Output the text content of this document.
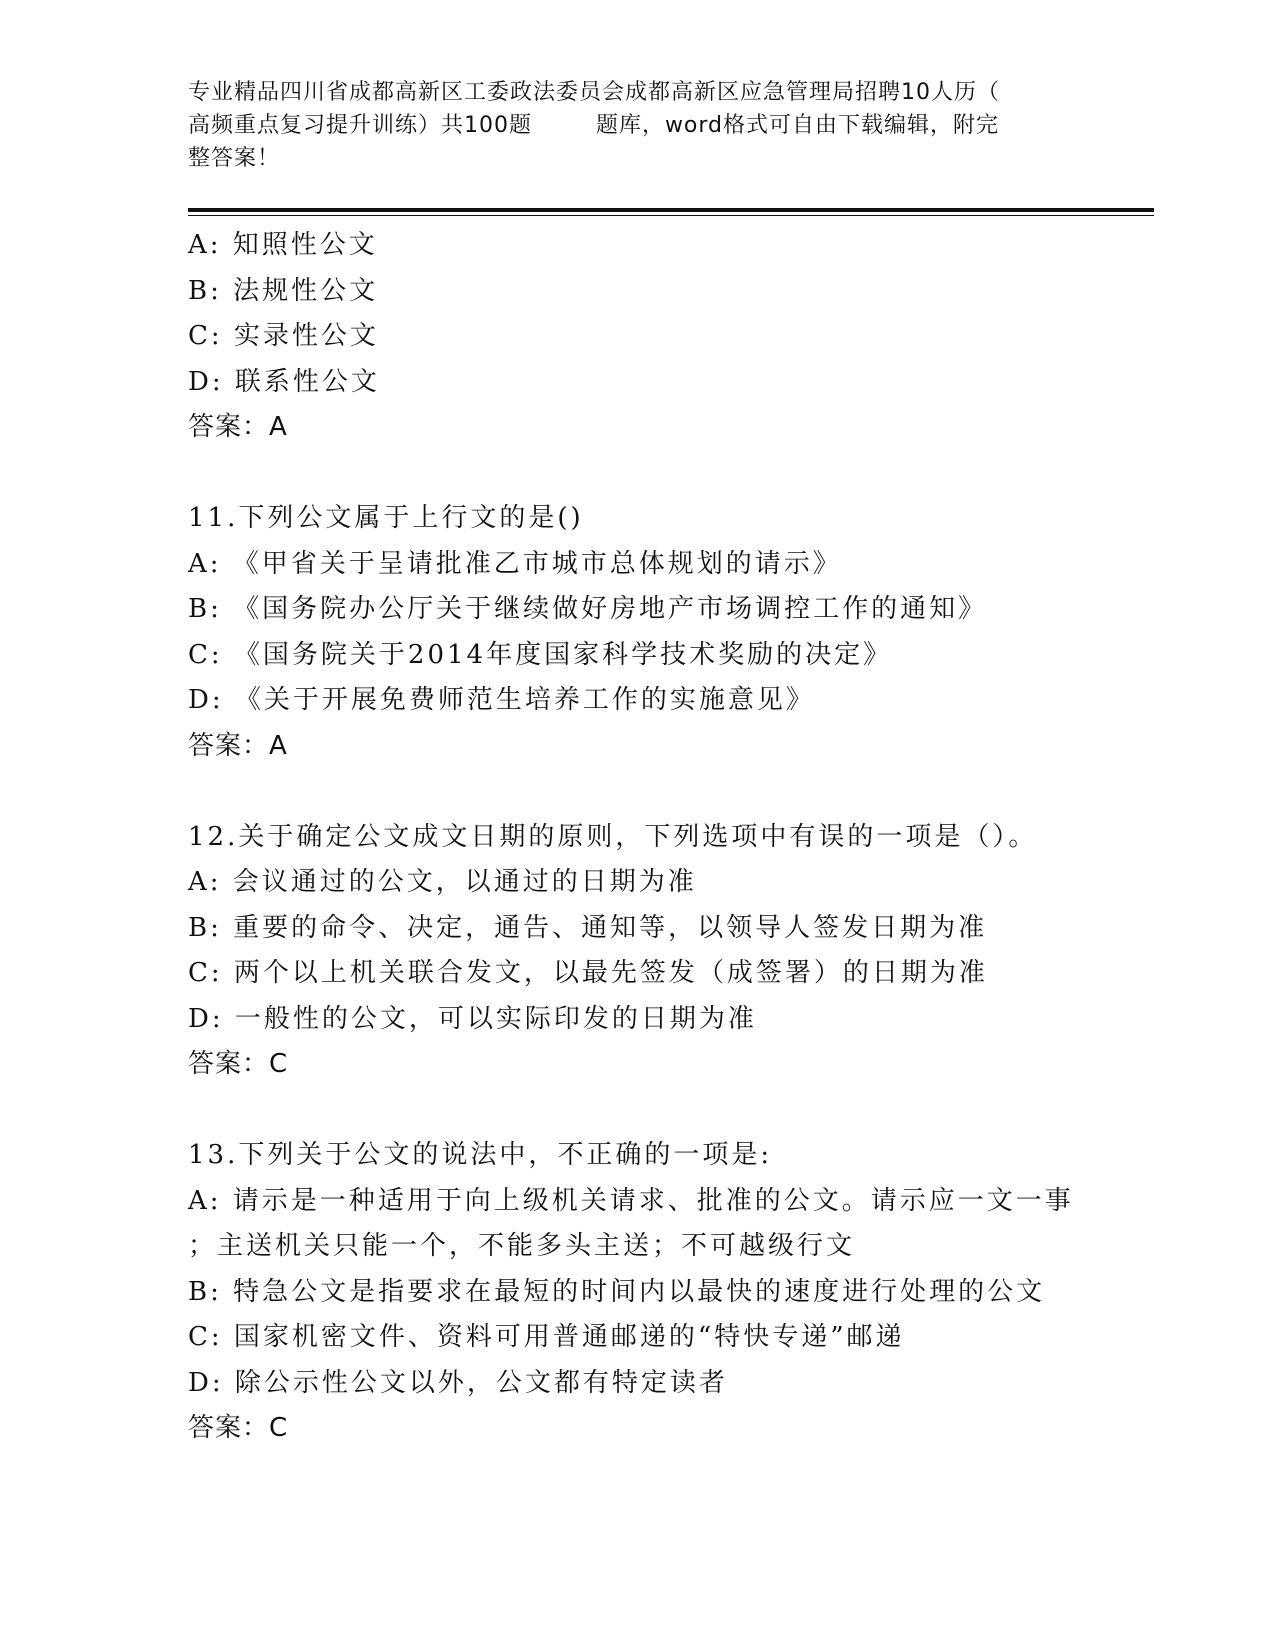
专业精品四川省成都高新区工委政法委员会成都高新区应急管理局招聘10人历（
高频重点复习提升训练）共100题        题库，word格式可自由下载编辑，附完
整答案！
A: 知照性公文
B: 法规性公文
C: 实录性公文
D: 联系性公文
答案：A
11.下列公文属于上行文的是()
A: 《甲省关于呈请批准乙市城市总体规划的请示》
B: 《国务院办公厅关于继续做好房地产市场调控工作的通知》
C: 《国务院关于2014年度国家科学技术奖励的决定》
D: 《关于开展免费师范生培养工作的实施意见》
答案：A
12.关于确定公文成文日期的原则，下列选项中有误的一项是（）。
A: 会议通过的公文，以通过的日期为准
B: 重要的命令、决定，通告、通知等，以领导人签发日期为准
C: 两个以上机关联合发文，以最先签发（成签署）的日期为准
D: 一般性的公文，可以实际印发的日期为准
答案：C
13.下列关于公文的说法中，不正确的一项是:
A: 请示是一种适用于向上级机关请求、批准的公文。请示应一文一事
；主送机关只能一个，不能多头主送；不可越级行文
B: 特急公文是指要求在最短的时间内以最快的速度进行处理的公文
C: 国家机密文件、资料可用普通邮递的“特快专递”邮递
D: 除公示性公文以外，公文都有特定读者
答案：C
